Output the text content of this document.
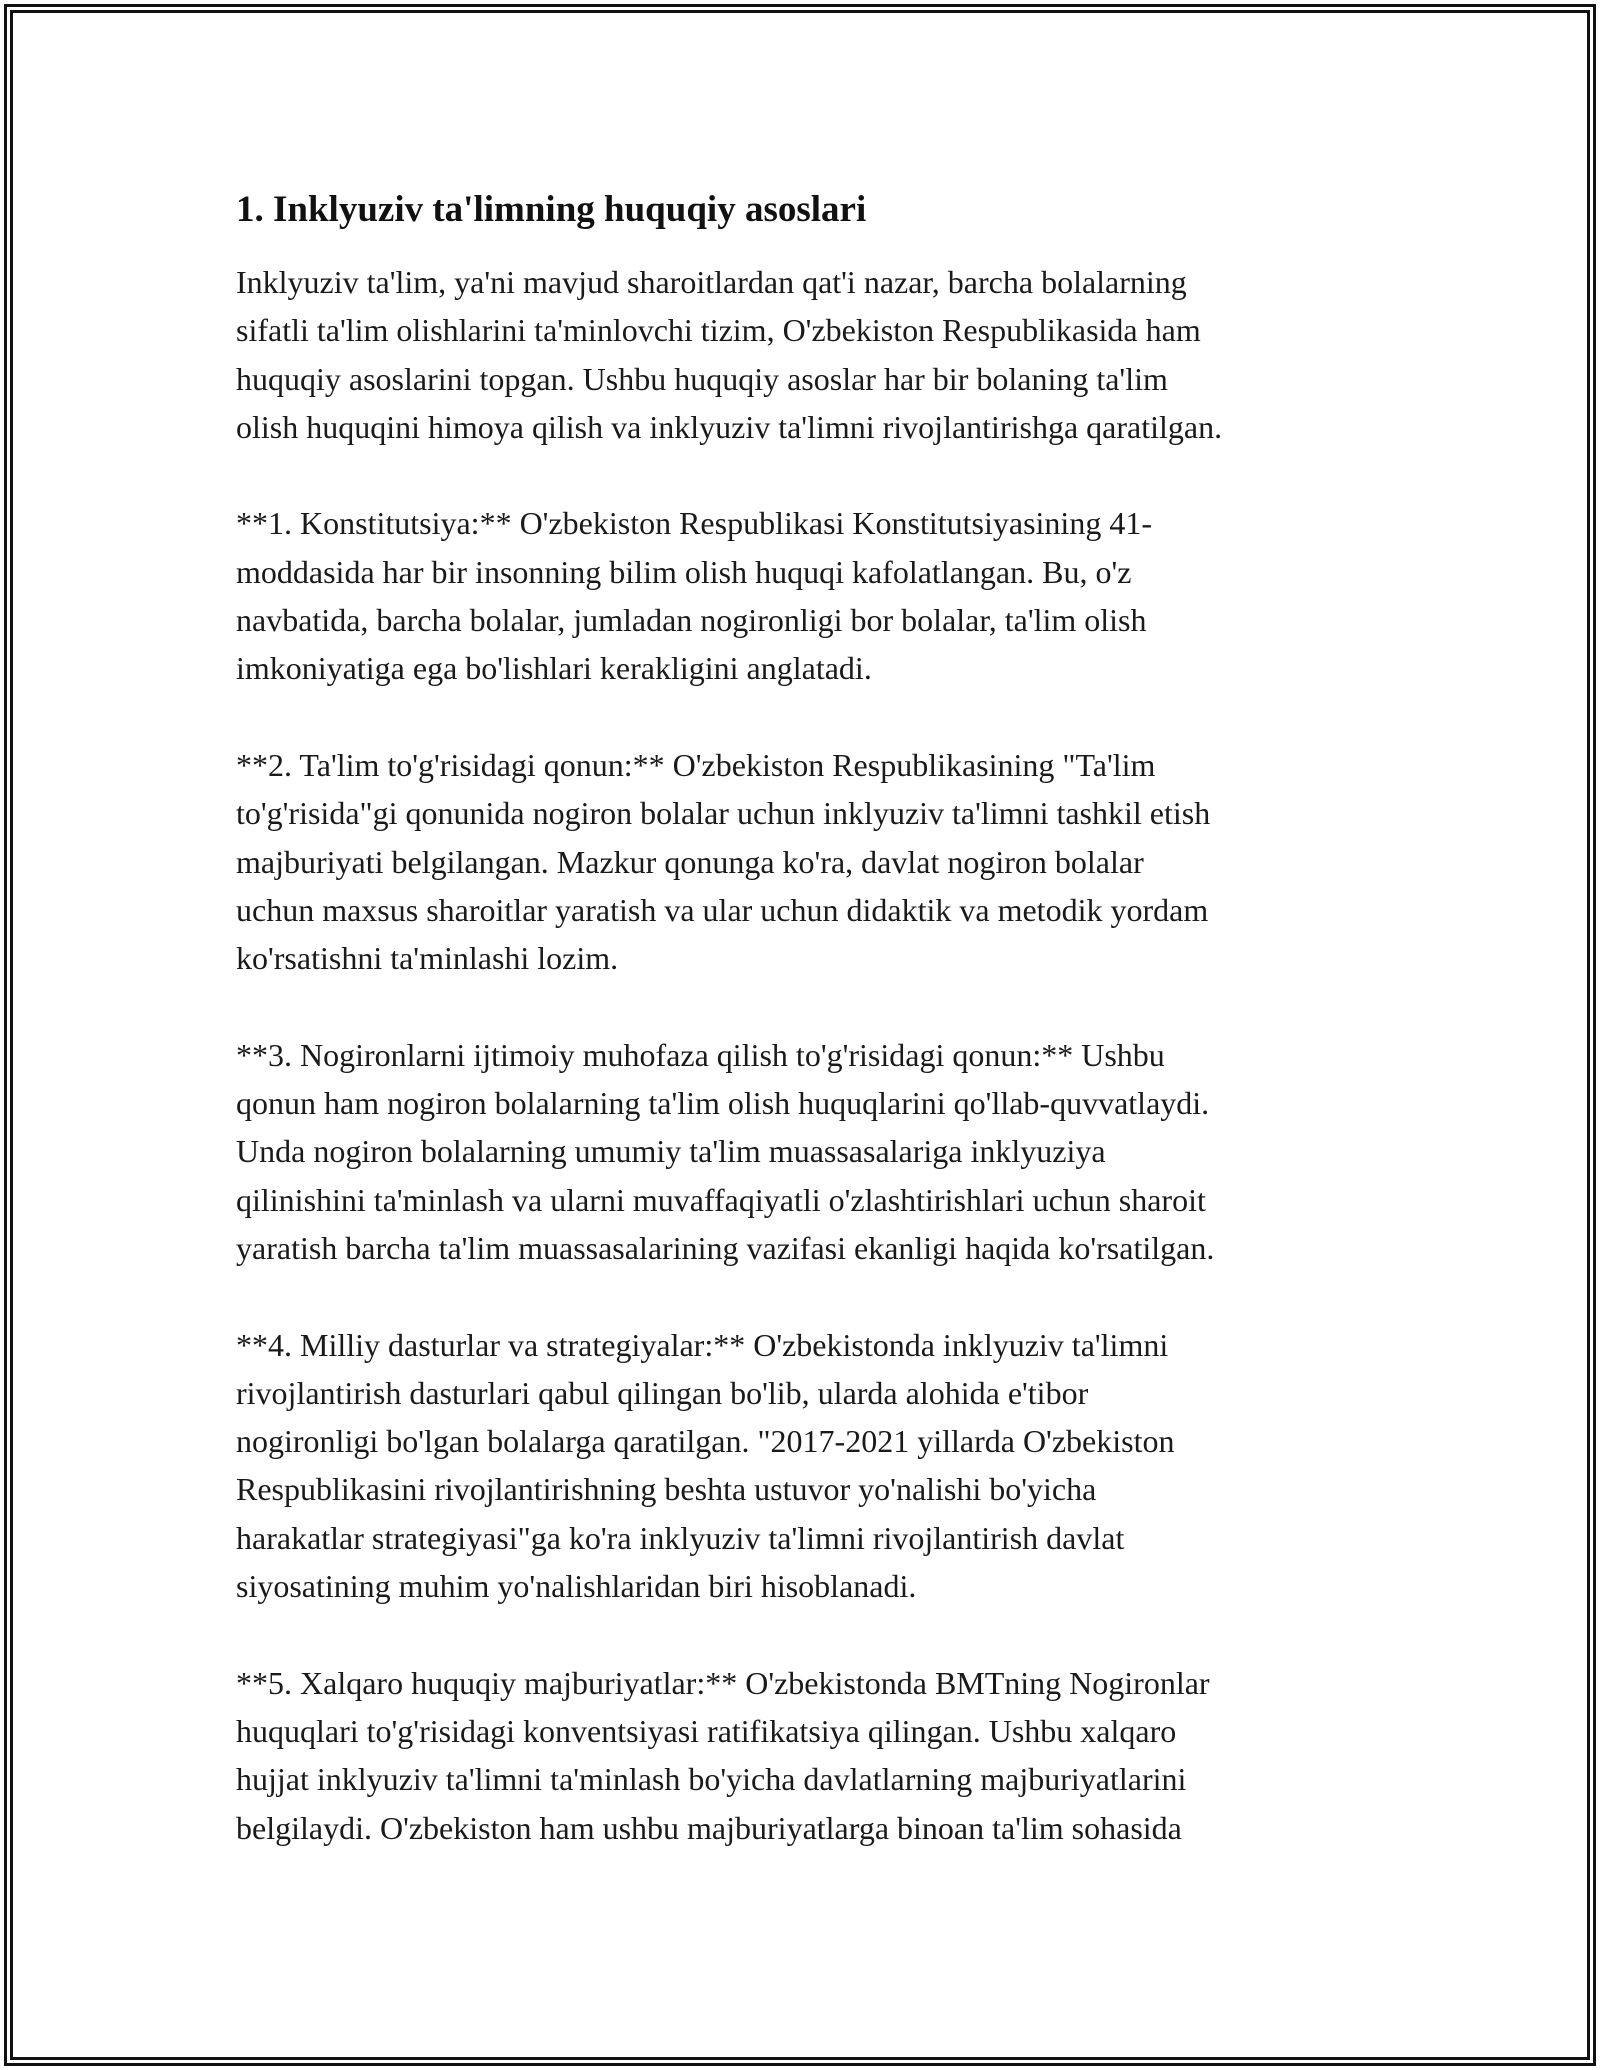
1. Inklyuziv ta'limning huquqiy asoslari

Inklyuziv ta'lim, ya'ni mavjud sharoitlardan qat'i nazar, barcha bolalarning
sifatli ta'lim olishlarini ta'minlovchi tizim, O'zbekiston Respublikasida ham
huquqiy asoslarini topgan. Ushbu huquqiy asoslar har bir bolaning ta'lim
olish huquqini himoya qilish va inklyuziv ta'limni rivojlantirishga qaratilgan.

**1. Konstitutsiya:** O'zbekiston Respublikasi Konstitutsiyasining 41-
moddasida har bir insonning bilim olish huquqi kafolatlangan. Bu, o'z
navbatida, barcha bolalar, jumladan nogironligi bor bolalar, ta'lim olish
imkoniyatiga ega bo'lishlari kerakligini anglatadi.

**2. Ta'lim to'g'risidagi qonun:** O'zbekiston Respublikasining "Ta'lim
to'g'risida"gi qonunida nogiron bolalar uchun inklyuziv ta'limni tashkil etish
majburiyati belgilangan. Mazkur qonunga ko'ra, davlat nogiron bolalar
uchun maxsus sharoitlar yaratish va ular uchun didaktik va metodik yordam
ko'rsatishni ta'minlashi lozim.

**3. Nogironlarni ijtimoiy muhofaza qilish to'g'risidagi qonun:** Ushbu
qonun ham nogiron bolalarning ta'lim olish huquqlarini qo'llab-quvvatlaydi.
Unda nogiron bolalarning umumiy ta'lim muassasalariga inklyuziya
qilinishini ta'minlash va ularni muvaffaqiyatli o'zlashtirishlari uchun sharoit
yaratish barcha ta'lim muassasalarining vazifasi ekanligi haqida ko'rsatilgan.

**4. Milliy dasturlar va strategiyalar:** O'zbekistonda inklyuziv ta'limni
rivojlantirish dasturlari qabul qilingan bo'lib, ularda alohida e'tibor
nogironligi bo'lgan bolalarga qaratilgan. "2017-2021 yillarda O'zbekiston
Respublikasini rivojlantirishning beshta ustuvor yo'nalishi bo'yicha
harakatlar strategiyasi"ga ko'ra inklyuziv ta'limni rivojlantirish davlat
siyosatining muhim yo'nalishlaridan biri hisoblanadi.

**5. Xalqaro huquqiy majburiyatlar:** O'zbekistonda BMTning Nogironlar
huquqlari to'g'risidagi konventsiyasi ratifikatsiya qilingan. Ushbu xalqaro
hujjat inklyuziv ta'limni ta'minlash bo'yicha davlatlarning majburiyatlarini
belgilaydi. O'zbekiston ham ushbu majburiyatlarga binoan ta'lim sohasida
